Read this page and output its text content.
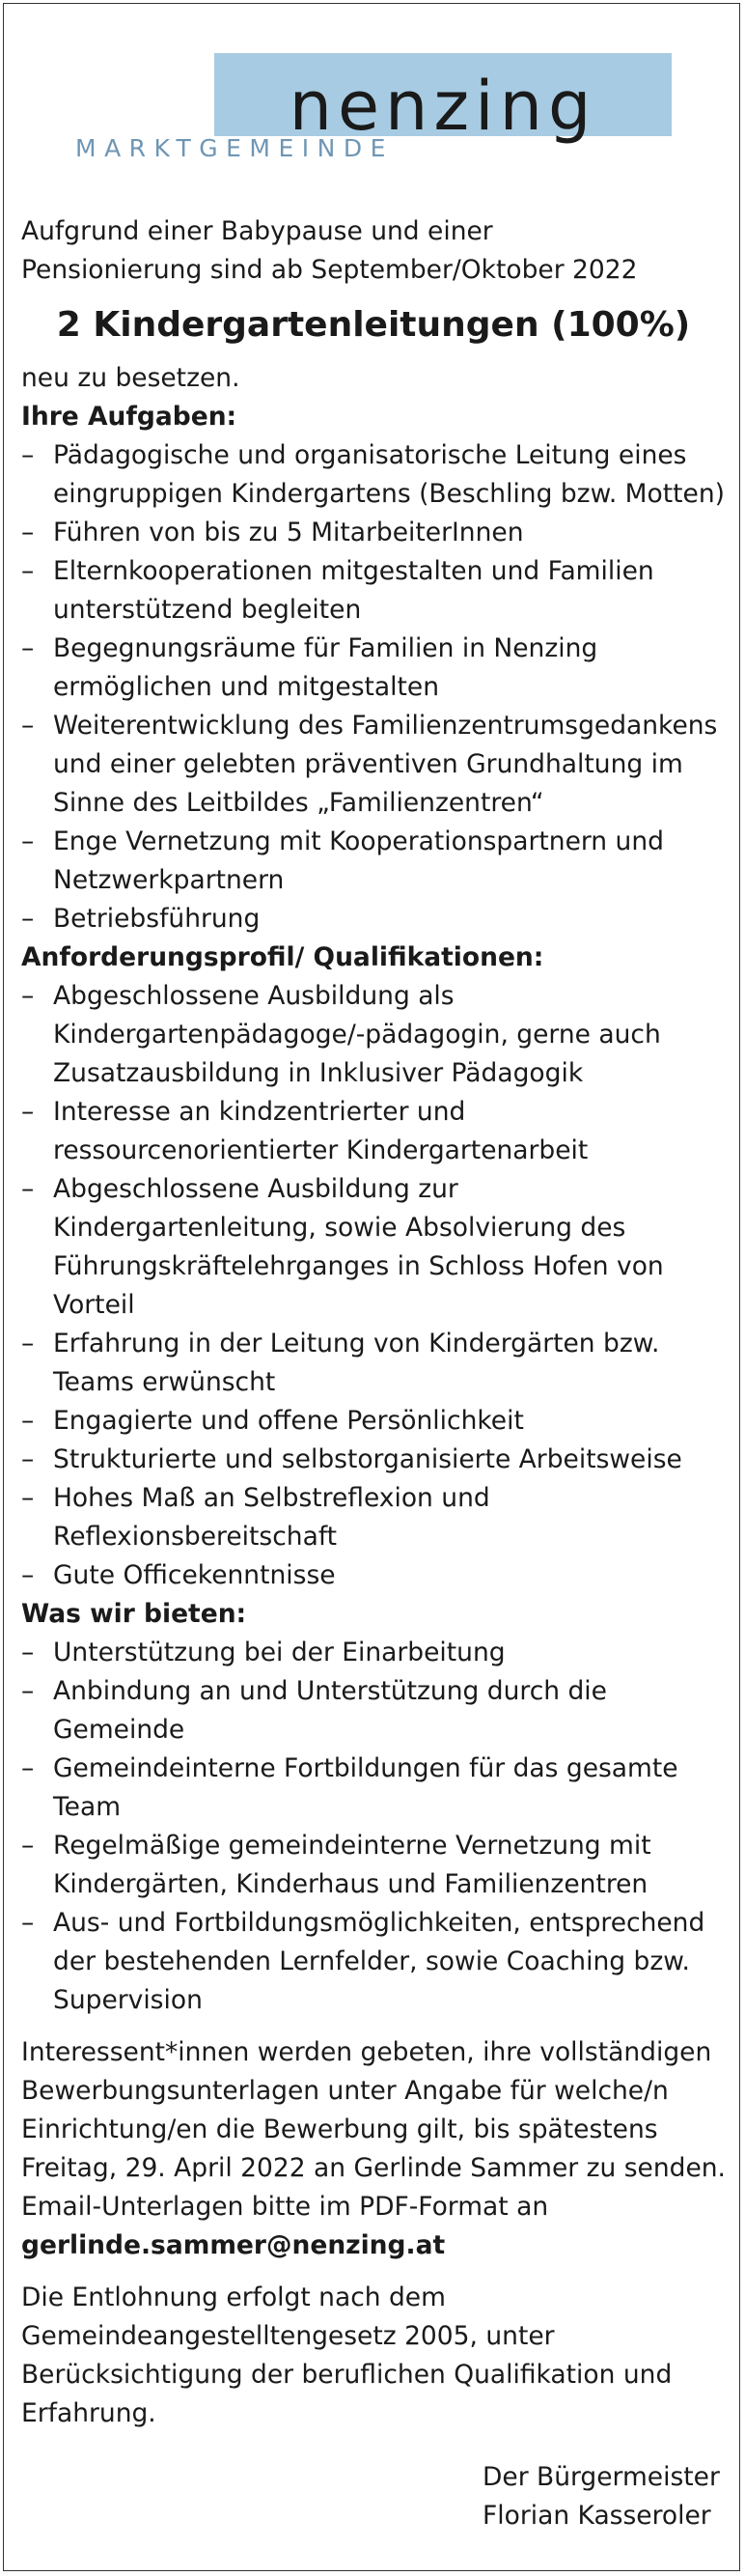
nenzing
MARKTGEMEINDE

Aufgrund einer Babypause und einer
Pensionierung sind ab September/Oktober 2022

2 Kindergartenleitungen (100%)

neu zu besetzen.

Ihre Aufgaben:

– Pädagogische und organisatorische Leitung eines eingruppigen Kindergartens (Beschling bzw. Motten)
– Führen von bis zu 5 MitarbeiterInnen
– Elternkooperationen mitgestalten und Familien unterstützend begleiten
– Begegnungsräume für Familien in Nenzing ermöglichen und mitgestalten
– Weiterentwicklung des Familienzentrumsgedankens und einer gelebten präventiven Grundhaltung im Sinne des Leitbildes „Familienzentren“
– Enge Vernetzung mit Kooperationspartnern und Netzwerkpartnern
– Betriebsführung

Anforderungsprofil/ Qualifikationen:

– Abgeschlossene Ausbildung als Kindergartenpädagoge/-pädagogin, gerne auch Zusatzausbildung in Inklusiver Pädagogik
– Interesse an kindzentrierter und ressourcenorientierter Kindergartenarbeit
– Abgeschlossene Ausbildung zur Kindergartenleitung, sowie Absolvierung des Führungskräftelehrganges in Schloss Hofen von Vorteil
– Erfahrung in der Leitung von Kindergärten bzw. Teams erwünscht
– Engagierte und offene Persönlichkeit
– Strukturierte und selbstorganisierte Arbeitsweise
– Hohes Maß an Selbstreflexion und Reflexionsbereitschaft
– Gute Officekenntnisse

Was wir bieten:

– Unterstützung bei der Einarbeitung
– Anbindung an und Unterstützung durch die Gemeinde
– Gemeindeinterne Fortbildungen für das gesamte Team
– Regelmäßige gemeindeinterne Vernetzung mit Kindergärten, Kinderhaus und Familienzentren
– Aus- und Fortbildungsmöglichkeiten, entsprechend der bestehenden Lernfelder, sowie Coaching bzw. Supervision

Interessent*innen werden gebeten, ihre vollständigen Bewerbungsunterlagen unter Angabe für welche/n Einrichtung/en die Bewerbung gilt, bis spätestens Freitag, 29. April 2022 an Gerlinde Sammer zu senden. Email-Unterlagen bitte im PDF-Format an
gerlinde.sammer@nenzing.at

Die Entlohnung erfolgt nach dem Gemeindeangestelltengesetz 2005, unter Berücksichtigung der beruflichen Qualifikation und Erfahrung.

Der Bürgermeister
Florian Kasseroler
